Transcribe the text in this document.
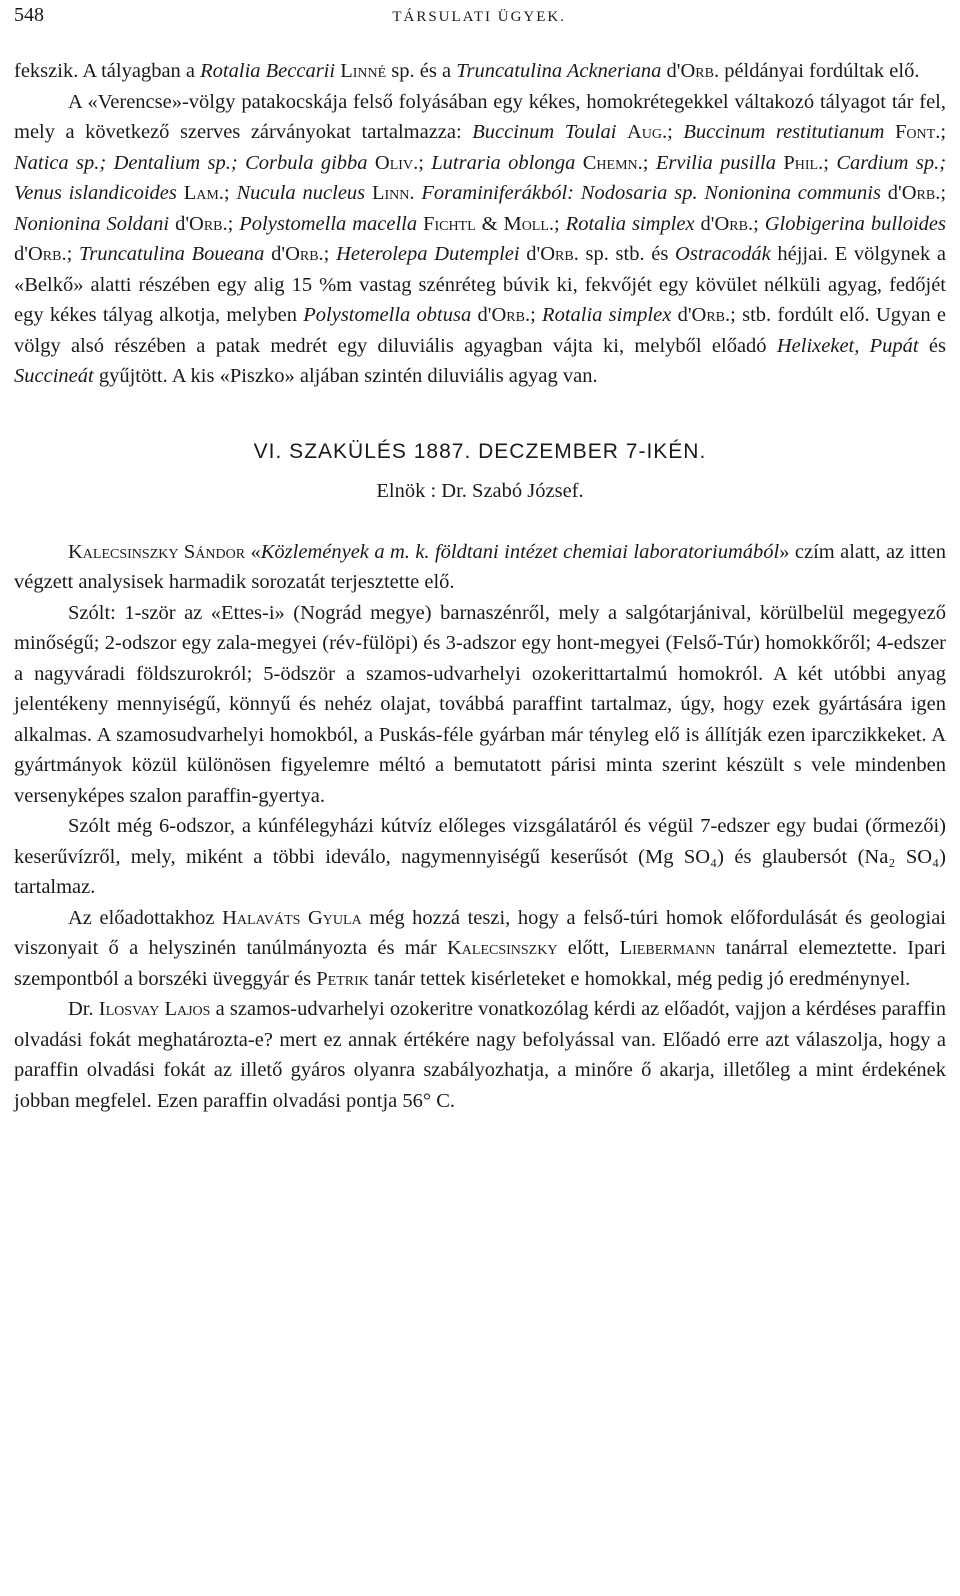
548	TÁRSULATI ÜGYEK.

fekszik. A tályagban a Rotalia Beccarii Linné sp. és a Truncatulina Ackneriana d'Orb. példányai fordúltak elő.

A «Verencse»-völgy patakocskája felső folyásában egy kékes, homokrétegekkel váltakozó tályagot tár fel, mely a következő szerves zárványokat tartalmazza: Buccinum Toulai Aug.; Buccinum restitutianum Font.; Natica sp.; Dentalium sp.; Corbula gibba Oliv.; Lutraria oblonga Chemn.; Ervilia pusilla Phil.; Cardium sp.; Venus islandicoides Lam.; Nucula nucleus Linn. Foraminiferákból: Nodosaria sp. Nonionina communis d'Orb.; Nonionina Soldani d'Orb.; Polystomella macella Fichtl & Moll.; Rotalia simplex d'Orb.; Globigerina bulloides d'Orb.; Truncatulina Boueana d'Orb.; Heterolepa Dutemplei d'Orb. sp. stb. és Ostracodák héjjai. E völgynek a «Belkő» alatti részében egy alig 15 %m vastag szénréteg búvik ki, fekvőjét egy kövület nélküli agyag, fedőjét egy kékes tályag alkotja, melyben Polystomella obtusa d'Orb.; Rotalia simplex d'Orb.; stb. fordúlt elő. Ugyan e völgy alsó részében a patak medrét egy diluviális agyagban vájta ki, melyből előadó Helixeket, Pupát és Succineát gyűjtött. A kis «Piszko» aljában szintén diluviális agyag van.

VI. SZAKÜLÉS 1887. DECZEMBER 7-IKÉN.
Elnök : Dr. Szabó József.

Kalecsinszky Sándor «Közlemények a m. k. földtani intézet chemiai laboratoriumából» czím alatt, az itten végzett analysisek harmadik sorozatát terjesztette elő.

Szólt: 1-ször az «Ettes-i» (Nográd megye) barnaszénről, mely a salgótarjánival, körülbelül megegyező minőségű; 2-odszor egy zala-megyei (rév-fülöpi) és 3-adszor egy hont-megyei (Felső-Túr) homokkőről; 4-edszer a nagyváradi földszurokról; 5-ödször a szamos-udvarhelyi ozokerittartalmú homokról. A két utóbbi anyag jelentékeny mennyiségű, könnyű és nehéz olajat, továbbá paraffint tartalmaz, úgy, hogy ezek gyártására igen alkalmas. A szamosudvarhelyi homokból, a Puskás-féle gyárban már tényleg elő is állítják ezen iparczikkeket. A gyártmányok közül különösen figyelemre méltó a bemutatott párisi minta szerint készült s vele mindenben versenyképes szalon paraffin-gyertya.

Szólt még 6-odszor, a kúnfélegyházi kútvíz előleges vizsgálatáról és végül 7-edszer egy budai (őrmezői) keserűvízről, mely, miként a többi ideválo, nagymennyiségű keserűsót (Mg SO₄) és glaubersót (Na₂ SO₄) tartalmaz.

Az előadottakhoz Halaváts Gyula még hozzá teszi, hogy a felső-túri homok előfordulását és geologiai viszonyait ő a helyszinén tanúlmányozta és már Kalecsinszky előtt, Liebermann tanárral elemeztette. Ipari szempontból a borszéki üveggyár és Petrik tanár tettek kisérleteket e homokkal, még pedig jó eredménynyel.

Dr. Ilosvay Lajos a szamos-udvarhelyi ozokeritre vonatkozólag kérdi az előadót, vajjon a kérdéses paraffin olvadási fokát meghatározta-e? mert ez annak értékére nagy befolyással van. Előadó erre azt válaszolja, hogy a paraffin olvadási fokát az illető gyáros olyanra szabályozhatja, a minőre ő akarja, illetőleg a mint érdekének jobban megfelel. Ezen paraffin olvadási pontja 56° C.
